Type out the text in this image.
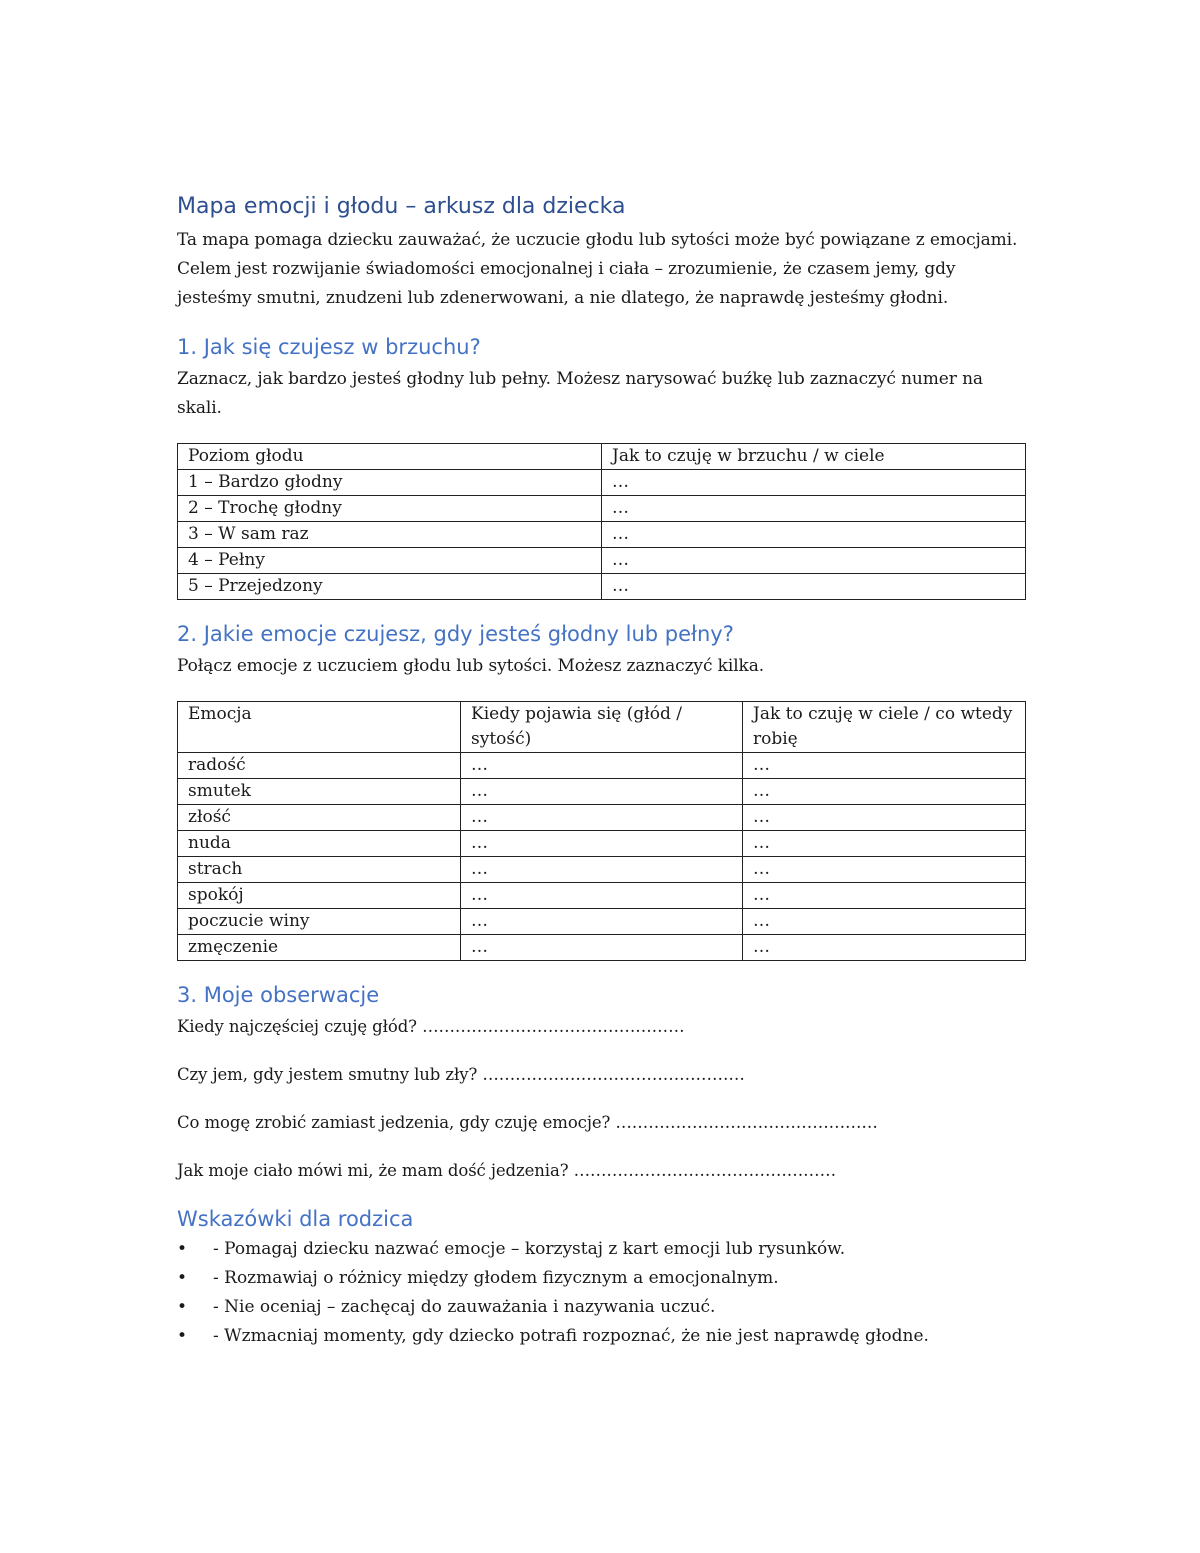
Mapa emocji i głodu – arkusz dla dziecka

Ta mapa pomaga dziecku zauważać, że uczucie głodu lub sytości może być powiązane z emocjami. Celem jest rozwijanie świadomości emocjonalnej i ciała – zrozumienie, że czasem jemy, gdy jesteśmy smutni, znudzeni lub zdenerwowani, a nie dlatego, że naprawdę jesteśmy głodni.

1. Jak się czujesz w brzuchu?

Zaznacz, jak bardzo jesteś głodny lub pełny. Możesz narysować buźkę lub zaznaczyć numer na skali.

Poziom głodu	Jak to czuję w brzuchu / w ciele
1 – Bardzo głodny	…
2 – Trochę głodny	…
3 – W sam raz	…
4 – Pełny	…
5 – Przejedzony	…
2. Jakie emocje czujesz, gdy jesteś głodny lub pełny?

Połącz emocje z uczuciem głodu lub sytości. Możesz zaznaczyć kilka.

Emocja	Kiedy pojawia się (głód / sytość)	Jak to czuję w ciele / co wtedy robię
radość	…	…
smutek	…	…
złość	…	…
nuda	…	…
strach	…	…
spokój	…	…
poczucie winy	…	…
zmęczenie	…	…
3. Moje obserwacje

Kiedy najczęściej czuję głód? …………………………………………

Czy jem, gdy jestem smutny lub zły? …………………………………………

Co mogę zrobić zamiast jedzenia, gdy czuję emocje? …………………………………………

Jak moje ciało mówi mi, że mam dość jedzenia? …………………………………………

Wskazówki dla rodzica
• - Pomagaj dziecku nazwać emocje – korzystaj z kart emocji lub rysunków.
• - Rozmawiaj o różnicy między głodem fizycznym a emocjonalnym.
• - Nie oceniaj – zachęcaj do zauważania i nazywania uczuć.
• - Wzmacniaj momenty, gdy dziecko potrafi rozpoznać, że nie jest naprawdę głodne.
